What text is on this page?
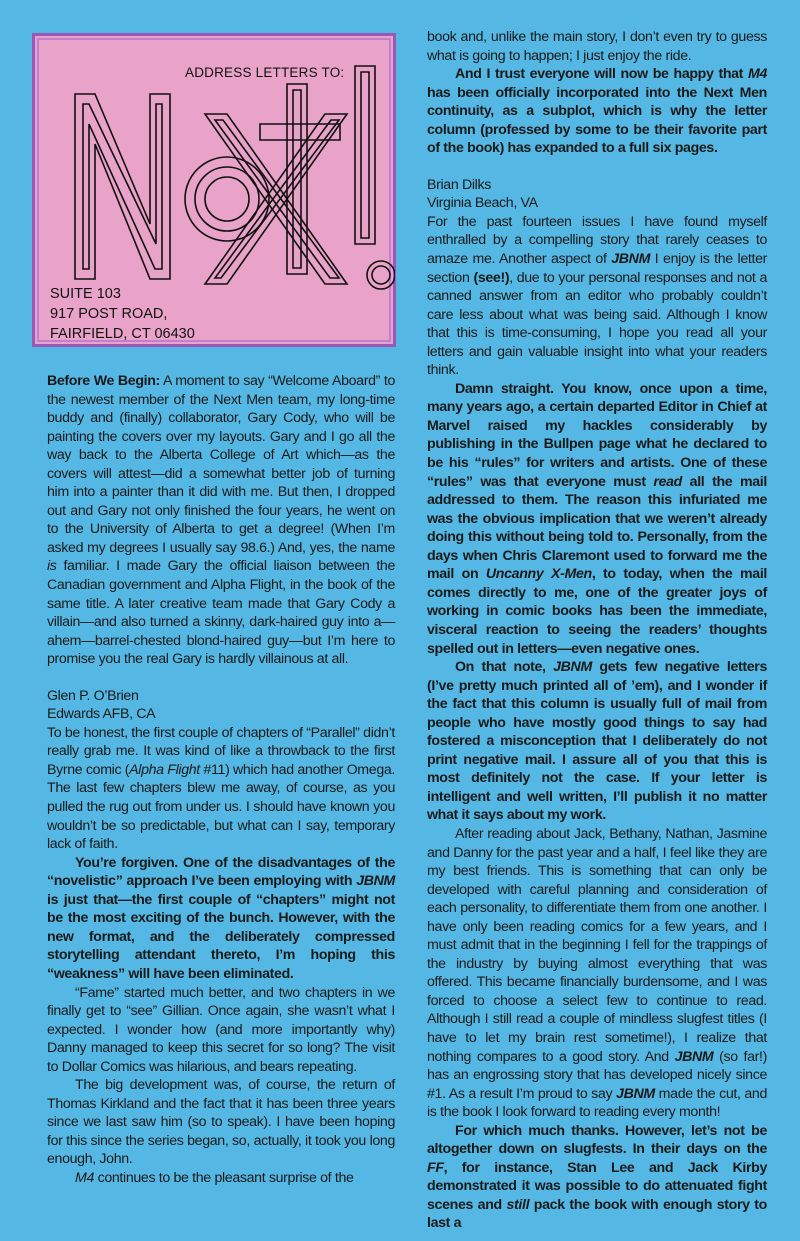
ADDRESS LETTERS TO:
SUITE 103
917 POST ROAD,
FAIRFIELD, CT 06430

Before We Begin: A moment to say “Welcome Aboard” to the newest member of the Next Men team, my long-time buddy and (finally) collaborator, Gary Cody, who will be painting the covers over my layouts. Gary and I go all the way back to the Alberta College of Art which—as the covers will attest—did a somewhat better job of turning him into a painter than it did with me. But then, I dropped out and Gary not only finished the four years, he went on to the University of Alberta to get a degree! (When I’m asked my degrees I usually say 98.6.) And, yes, the name is familiar. I made Gary the official liaison between the Canadian government and Alpha Flight, in the book of the same title. A later creative team made that Gary Cody a villain—and also turned a skinny, dark-haired guy into a—ahem—barrel-chested blond-haired guy—but I’m here to promise you the real Gary is hardly villainous at all.

Glen P. O’Brien

Edwards AFB, CA

To be honest, the first couple of chapters of “Parallel” didn’t really grab me. It was kind of like a throwback to the first Byrne comic (Alpha Flight #11) which had another Omega. The last few chapters blew me away, of course, as you pulled the rug out from under us. I should have known you wouldn’t be so predictable, but what can I say, temporary lack of faith.

You’re forgiven. One of the disadvantages of the “novelistic” approach I’ve been employing with JBNM is just that—the first couple of “chapters” might not be the most exciting of the bunch. However, with the new format, and the deliberately compressed storytelling attendant thereto, I’m hoping this “weakness” will have been eliminated.

“Fame” started much better, and two chapters in we finally get to “see” Gillian. Once again, she wasn’t what I expected. I wonder how (and more importantly why) Danny managed to keep this secret for so long? The visit to Dollar Comics was hilarious, and bears repeating.

The big development was, of course, the return of Thomas Kirkland and the fact that it has been three years since we last saw him (so to speak). I have been hoping for this since the series began, so, actually, it took you long enough, John.

M4 continues to be the pleasant surprise of the

book and, unlike the main story, I don’t even try to guess what is going to happen; I just enjoy the ride.

And I trust everyone will now be happy that M4 has been officially incorporated into the Next Men continuity, as a subplot, which is why the letter column (professed by some to be their favorite part of the book) has expanded to a full six pages.

Brian Dilks

Virginia Beach, VA

For the past fourteen issues I have found myself enthralled by a compelling story that rarely ceases to amaze me. Another aspect of JBNM I enjoy is the letter section (see!), due to your personal responses and not a canned answer from an editor who probably couldn’t care less about what was being said. Although I know that this is time-consuming, I hope you read all your letters and gain valuable insight into what your readers think.

Damn straight. You know, once upon a time, many years ago, a certain departed Editor in Chief at Marvel raised my hackles considerably by publishing in the Bullpen page what he declared to be his “rules” for writers and artists. One of these “rules” was that everyone must read all the mail addressed to them. The reason this infuriated me was the obvious implication that we weren’t already doing this without being told to. Personally, from the days when Chris Claremont used to forward me the mail on Uncanny X-Men, to today, when the mail comes directly to me, one of the greater joys of working in comic books has been the immediate, visceral reaction to seeing the readers’ thoughts spelled out in letters—even negative ones.

On that note, JBNM gets few negative letters (I’ve pretty much printed all of ’em), and I wonder if the fact that this column is usually full of mail from people who have mostly good things to say had fostered a misconception that I deliberately do not print negative mail. I assure all of you that this is most definitely not the case. If your letter is intelligent and well written, I’ll publish it no matter what it says about my work.

After reading about Jack, Bethany, Nathan, Jasmine and Danny for the past year and a half, I feel like they are my best friends. This is something that can only be developed with careful planning and consideration of each personality, to differentiate them from one another. I have only been reading comics for a few years, and I must admit that in the beginning I fell for the trappings of the industry by buying almost everything that was offered. This became financially burdensome, and I was forced to choose a select few to continue to read. Although I still read a couple of mindless slugfest titles (I have to let my brain rest sometime!), I realize that nothing compares to a good story. And JBNM (so far!) has an engrossing story that has developed nicely since #1. As a result I’m proud to say JBNM made the cut, and is the book I look forward to reading every month!

For which much thanks. However, let’s not be altogether down on slugfests. In their days on the FF, for instance, Stan Lee and Jack Kirby demonstrated it was possible to do attenuated fight scenes and still pack the book with enough story to last a
